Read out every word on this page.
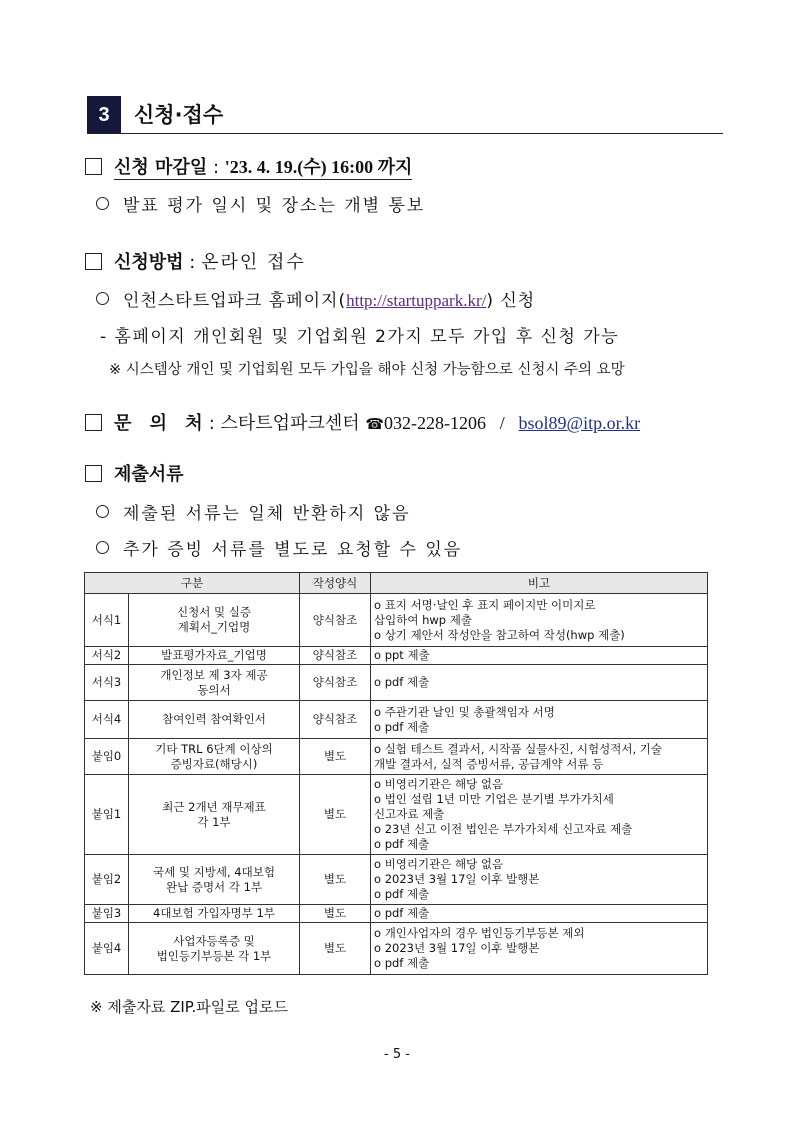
3	신청·접수
신청 마감일 : '23. 4. 19.(수) 16:00 까지
발표 평가 일시 및 장소는 개별 통보
신청방법 : 온라인 접수
인천스타트업파크 홈페이지(http://startuppark.kr/) 신청
- 홈페이지 개인회원 및 기업회원 2가지 모두 가입 후 신청 가능
※ 시스템상 개인 및 기업회원 모두 가입을 해야 신청 가능함으로 신청시 주의 요망
문 의 처: 스타트업파크센터 ☎032-228-1206 / bsol89@itp.or.kr
제출서류
제출된 서류는 일체 반환하지 않음
추가 증빙 서류를 별도로 요청할 수 있음
구분		작성양식	비고
서식1	신청서 및 실증
계획서_기업명	양식참조	o 표지 서명·날인 후 표지 페이지만 이미지로
삽입하여 hwp 제출
o 상기 제안서 작성안을 참고하여 작성(hwp 제출)
서식2	발표평가자료_기업명	양식참조	o ppt 제출
서식3	개인정보 제 3자 제공
동의서	양식참조	o pdf 제출
서식4	참여인력 참여확인서	양식참조	o 주관기관 날인 및 총괄책임자 서명
o pdf 제출
붙임0	기타 TRL 6단계 이상의
증빙자료(해당시)	별도	o 실험 테스트 결과서, 시작품 실물사진, 시험성적서, 기술
개발 결과서, 실적 증빙서류, 공급계약 서류 등
붙임1	최근 2개년 재무제표
각 1부	별도	o 비영리기관은 해당 없음
o 법인 설립 1년 미만 기업은 분기별 부가가치세
신고자료 제출
o 23년 신고 이전 법인은 부가가치세 신고자료 제출
o pdf 제출
붙임2	국세 및 지방세, 4대보험
완납 증명서 각 1부	별도	o 비영리기관은 해당 없음
o 2023년 3월 17일 이후 발행본
o pdf 제출
붙임3	4대보험 가입자명부 1부	별도	o pdf 제출
붙임4	사업자등록증 및
법인등기부등본 각 1부	별도	o 개인사업자의 경우 법인등기부등본 제외
o 2023년 3월 17일 이후 발행본
o pdf 제출
※ 제출자료 ZIP.파일로 업로드
- 5 -
